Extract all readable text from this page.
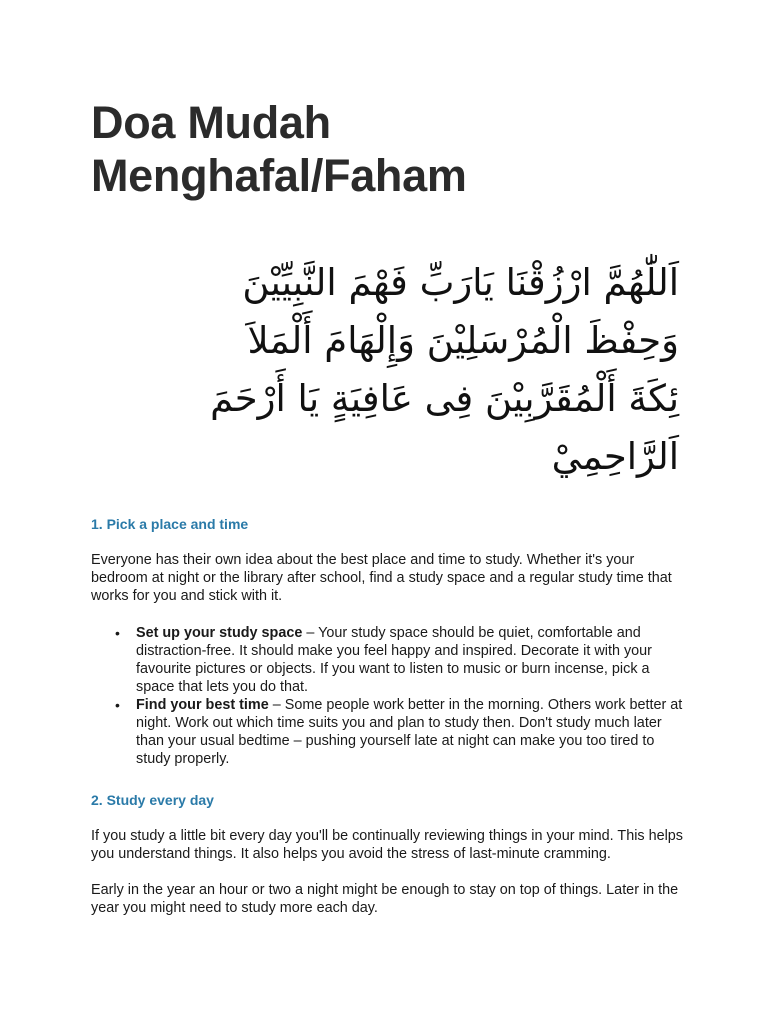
Doa Mudah
Menghafal/Faham
اَللّٰهُمَّ ارْزُقْنَا يَارَبِّ فَهْمَ النَّبِيِّيْنَ
وَحِفْظَ الْمُرْسَلِيْنَ وَإِلْهَامَ أَلْمَلاَ
ئِكَةَ أَلْمُقَرَّبِيْنَ فِى عَافِيَةٍ يَا أَرْحَمَ
اَلرَّاحِمِيْ
1. Pick a place and time

Everyone has their own idea about the best place and time to study. Whether it's your bedroom at night or the library after school, find a study space and a regular study time that works for you and stick with it.

• Set up your study space – Your study space should be quiet, comfortable and distraction-free. It should make you feel happy and inspired. Decorate it with your favourite pictures or objects. If you want to listen to music or burn incense, pick a space that lets you do that.
• Find your best time – Some people work better in the morning. Others work better at night. Work out which time suits you and plan to study then. Don't study much later than your usual bedtime – pushing yourself late at night can make you too tired to study properly.
2. Study every day

If you study a little bit every day you'll be continually reviewing things in your mind. This helps you understand things. It also helps you avoid the stress of last-minute cramming.

Early in the year an hour or two a night might be enough to stay on top of things. Later in the year you might need to study more each day.
